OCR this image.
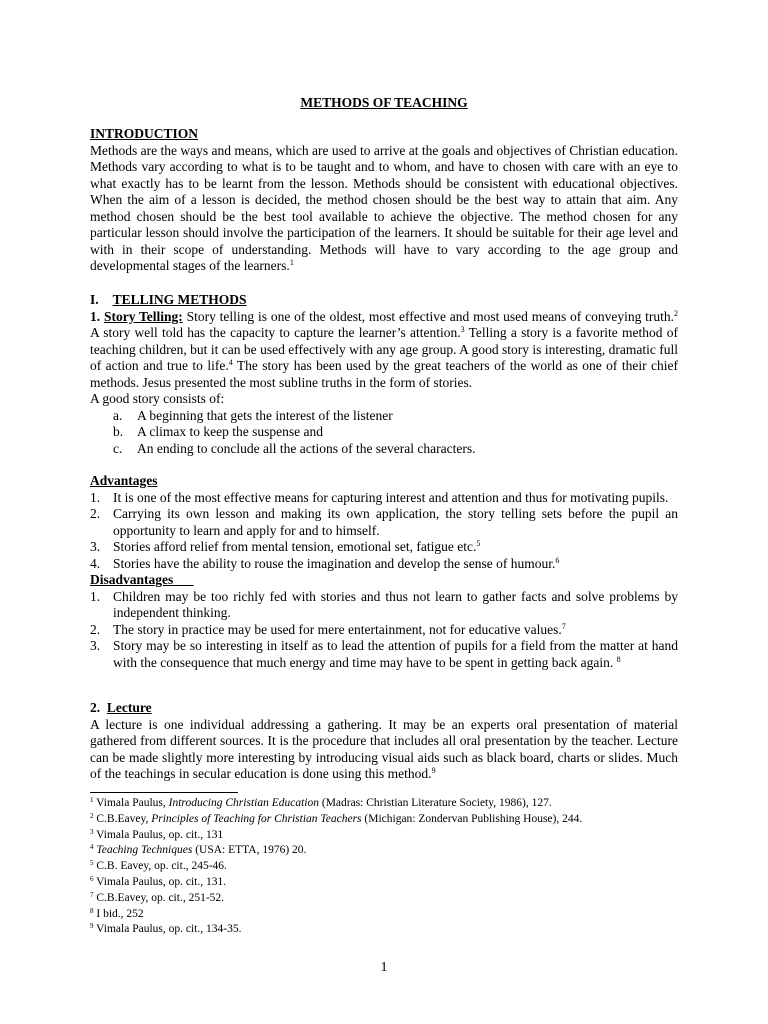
METHODS OF TEACHING
INTRODUCTION

Methods are the ways and means, which are used to arrive at the goals and objectives of Christian education. Methods vary according to what is to be taught and to whom, and have to chosen with care with an eye to what exactly has to be learnt from the lesson. Methods should be consistent with educational objectives. When the aim of a lesson is decided, the method chosen should be the best way to attain that aim. Any method chosen should be the best tool available to achieve the objective. The method chosen for any particular lesson should involve the participation of the learners. It should be suitable for their age level and with in their scope of understanding. Methods will have to vary according to the age group and developmental stages of the learners.$^1$

I. TELLING METHODS

1. Story Telling: Story telling is one of the oldest, most effective and most used means of conveying truth.$^2$ A story well told has the capacity to capture the learner’s attention.$^3$ Telling a story is a favorite method of teaching children, but it can be used effectively with any age group. A good story is interesting, dramatic full of action and true to life.$^4$ The story has been used by the great teachers of the world as one of their chief methods. Jesus presented the most subline truths in the form of stories.

A good story consists of:

a.	A beginning that gets the interest of the listener
b.	A climax to keep the suspense and
c.	An ending to conclude all the actions of the several characters.

Advantages

1. It is one of the most effective means for capturing interest and attention and thus for motivating pupils.
2. Carrying its own lesson and making its own application, the story telling sets before the pupil an opportunity to learn and apply for and to himself.
3. Stories afford relief from mental tension, emotional set, fatigue etc.$^5$
4. Stories have the ability to rouse the imagination and develop the sense of humour.$^6$

Disadvantages

1. Children may be too richly fed with stories and thus not learn to gather facts and solve problems by independent thinking.
2. The story in practice may be used for mere entertainment, not for educative values.$^7$
3. Story may be so interesting in itself as to lead the attention of pupils for a field from the matter at hand with the consequence that much energy and time may have to be spent in getting back again. $^8$
2. Lecture

A lecture is one individual addressing a gathering. It may be an experts oral presentation of material gathered from different sources. It is the procedure that includes all oral presentation by the teacher. Lecture can be made slightly more interesting by introducing visual aids such as black board, charts or slides. Much of the teachings in secular education is done using this method.$^9$

$^1$ Vimala Paulus, Introducing Christian Education (Madras: Christian Literature Society, 1986), 127.
$^2$ C.B.Eavey, Principles of Teaching for Christian Teachers (Michigan: Zondervan Publishing House), 244.
$^3$ Vimala Paulus, op. cit., 131
$^4$ Teaching Techniques (USA: ETTA, 1976) 20.
$^5$ C.B. Eavey, op. cit., 245-46.
$^6$ Vimala Paulus, op. cit., 131.
$^7$ C.B.Eavey, op. cit., 251-52.
$^8$ I bid., 252
$^9$ Vimala Paulus, op. cit., 134-35.
1
